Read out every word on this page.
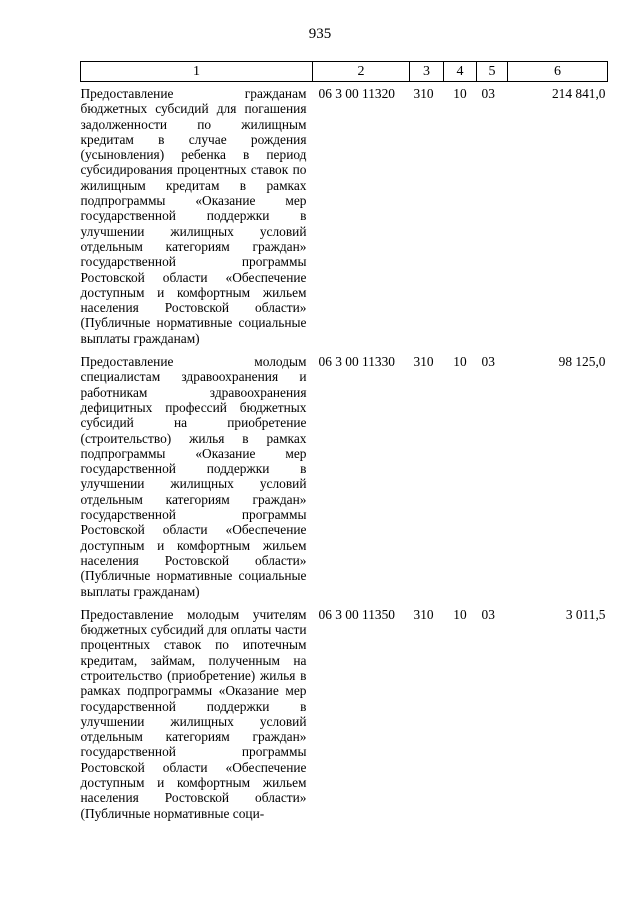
935
1	2	3	4	5	6
Предоставление гражданам бюджетных субсидий для погашения задолженности по жилищным кредитам в случае рождения (усыновления) ребенка в период субсидирования процентных ставок по жилищным кредитам в рамках подпрограммы «Оказание мер государственной поддержки в улучшении жилищных условий отдельным категориям граждан» государственной программы Ростовской области «Обеспечение доступным и комфортным жильем населения Ростовской области» (Публичные нормативные социальные выплаты гражданам)	06 3 00 11320	310	10	03	214 841,0
Предоставление молодым специалистам здравоохранения и работникам здравоохранения дефицитных профессий бюджетных субсидий на приобретение (строительство) жилья в рамках подпрограммы «Оказание мер государственной поддержки в улучшении жилищных условий отдельным категориям граждан» государственной программы Ростовской области «Обеспечение доступным и комфортным жильем населения Ростовской области» (Публичные нормативные социальные выплаты гражданам)	06 3 00 11330	310	10	03	98 125,0
Предоставление молодым учителям бюджетных субсидий для оплаты части процентных ставок по ипотечным кредитам, займам, полученным на строительство (приобретение) жилья в рамках подпрограммы «Оказание мер государственной поддержки в улучшении жилищных условий отдельным категориям граждан» государственной программы Ростовской области «Обеспечение доступным и комфортным жильем населения Ростовской области» (Публичные нормативные соци-	06 3 00 11350	310	10	03	3 011,5
